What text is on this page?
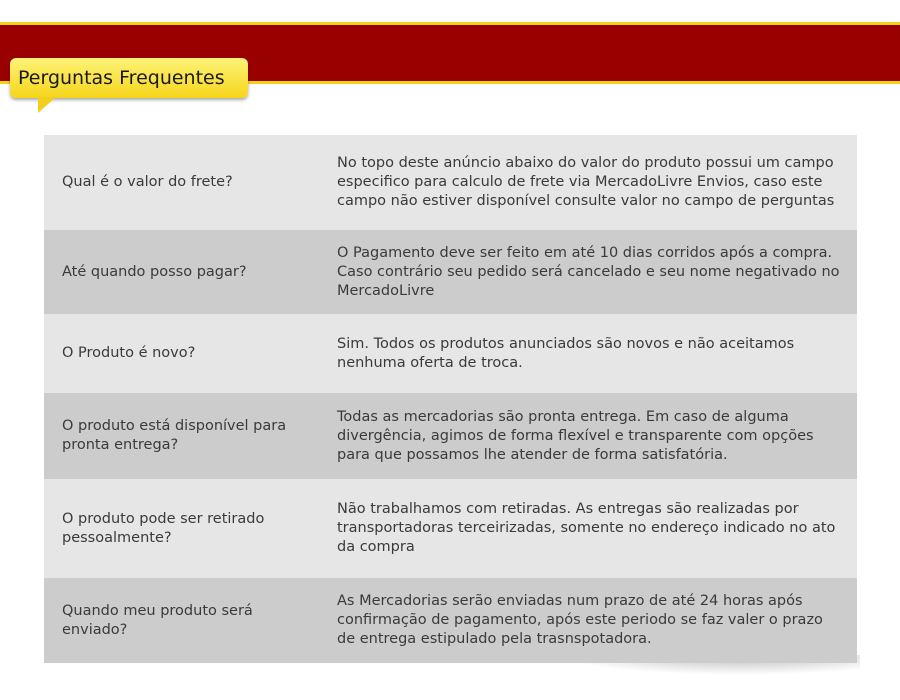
Perguntas Frequentes
Qual é o valor do frete?
No topo deste anúncio abaixo do valor do produto possui um campo especifico para calculo de frete via MercadoLivre Envios, caso este campo não estiver disponível consulte valor no campo de perguntas
Até quando posso pagar?
O Pagamento deve ser feito em até 10 dias corridos após a compra. Caso contrário seu pedido será cancelado e seu nome negativado no MercadoLivre
O Produto é novo?
Sim. Todos os produtos anunciados são novos e não aceitamos nenhuma oferta de troca.
O produto está disponível para pronta entrega?
Todas as mercadorias são pronta entrega. Em caso de alguma divergência, agimos de forma flexível e transparente com opções para que possamos lhe atender de forma satisfatória.
O produto pode ser retirado pessoalmente?
Não trabalhamos com retiradas. As entregas são realizadas por transportadoras terceirizadas, somente no endereço indicado no ato da compra
Quando meu produto será enviado?
As Mercadorias serão enviadas num prazo de até 24 horas após confirmação de pagamento, após este periodo se faz valer o prazo de entrega estipulado pela trasnspotadora.
